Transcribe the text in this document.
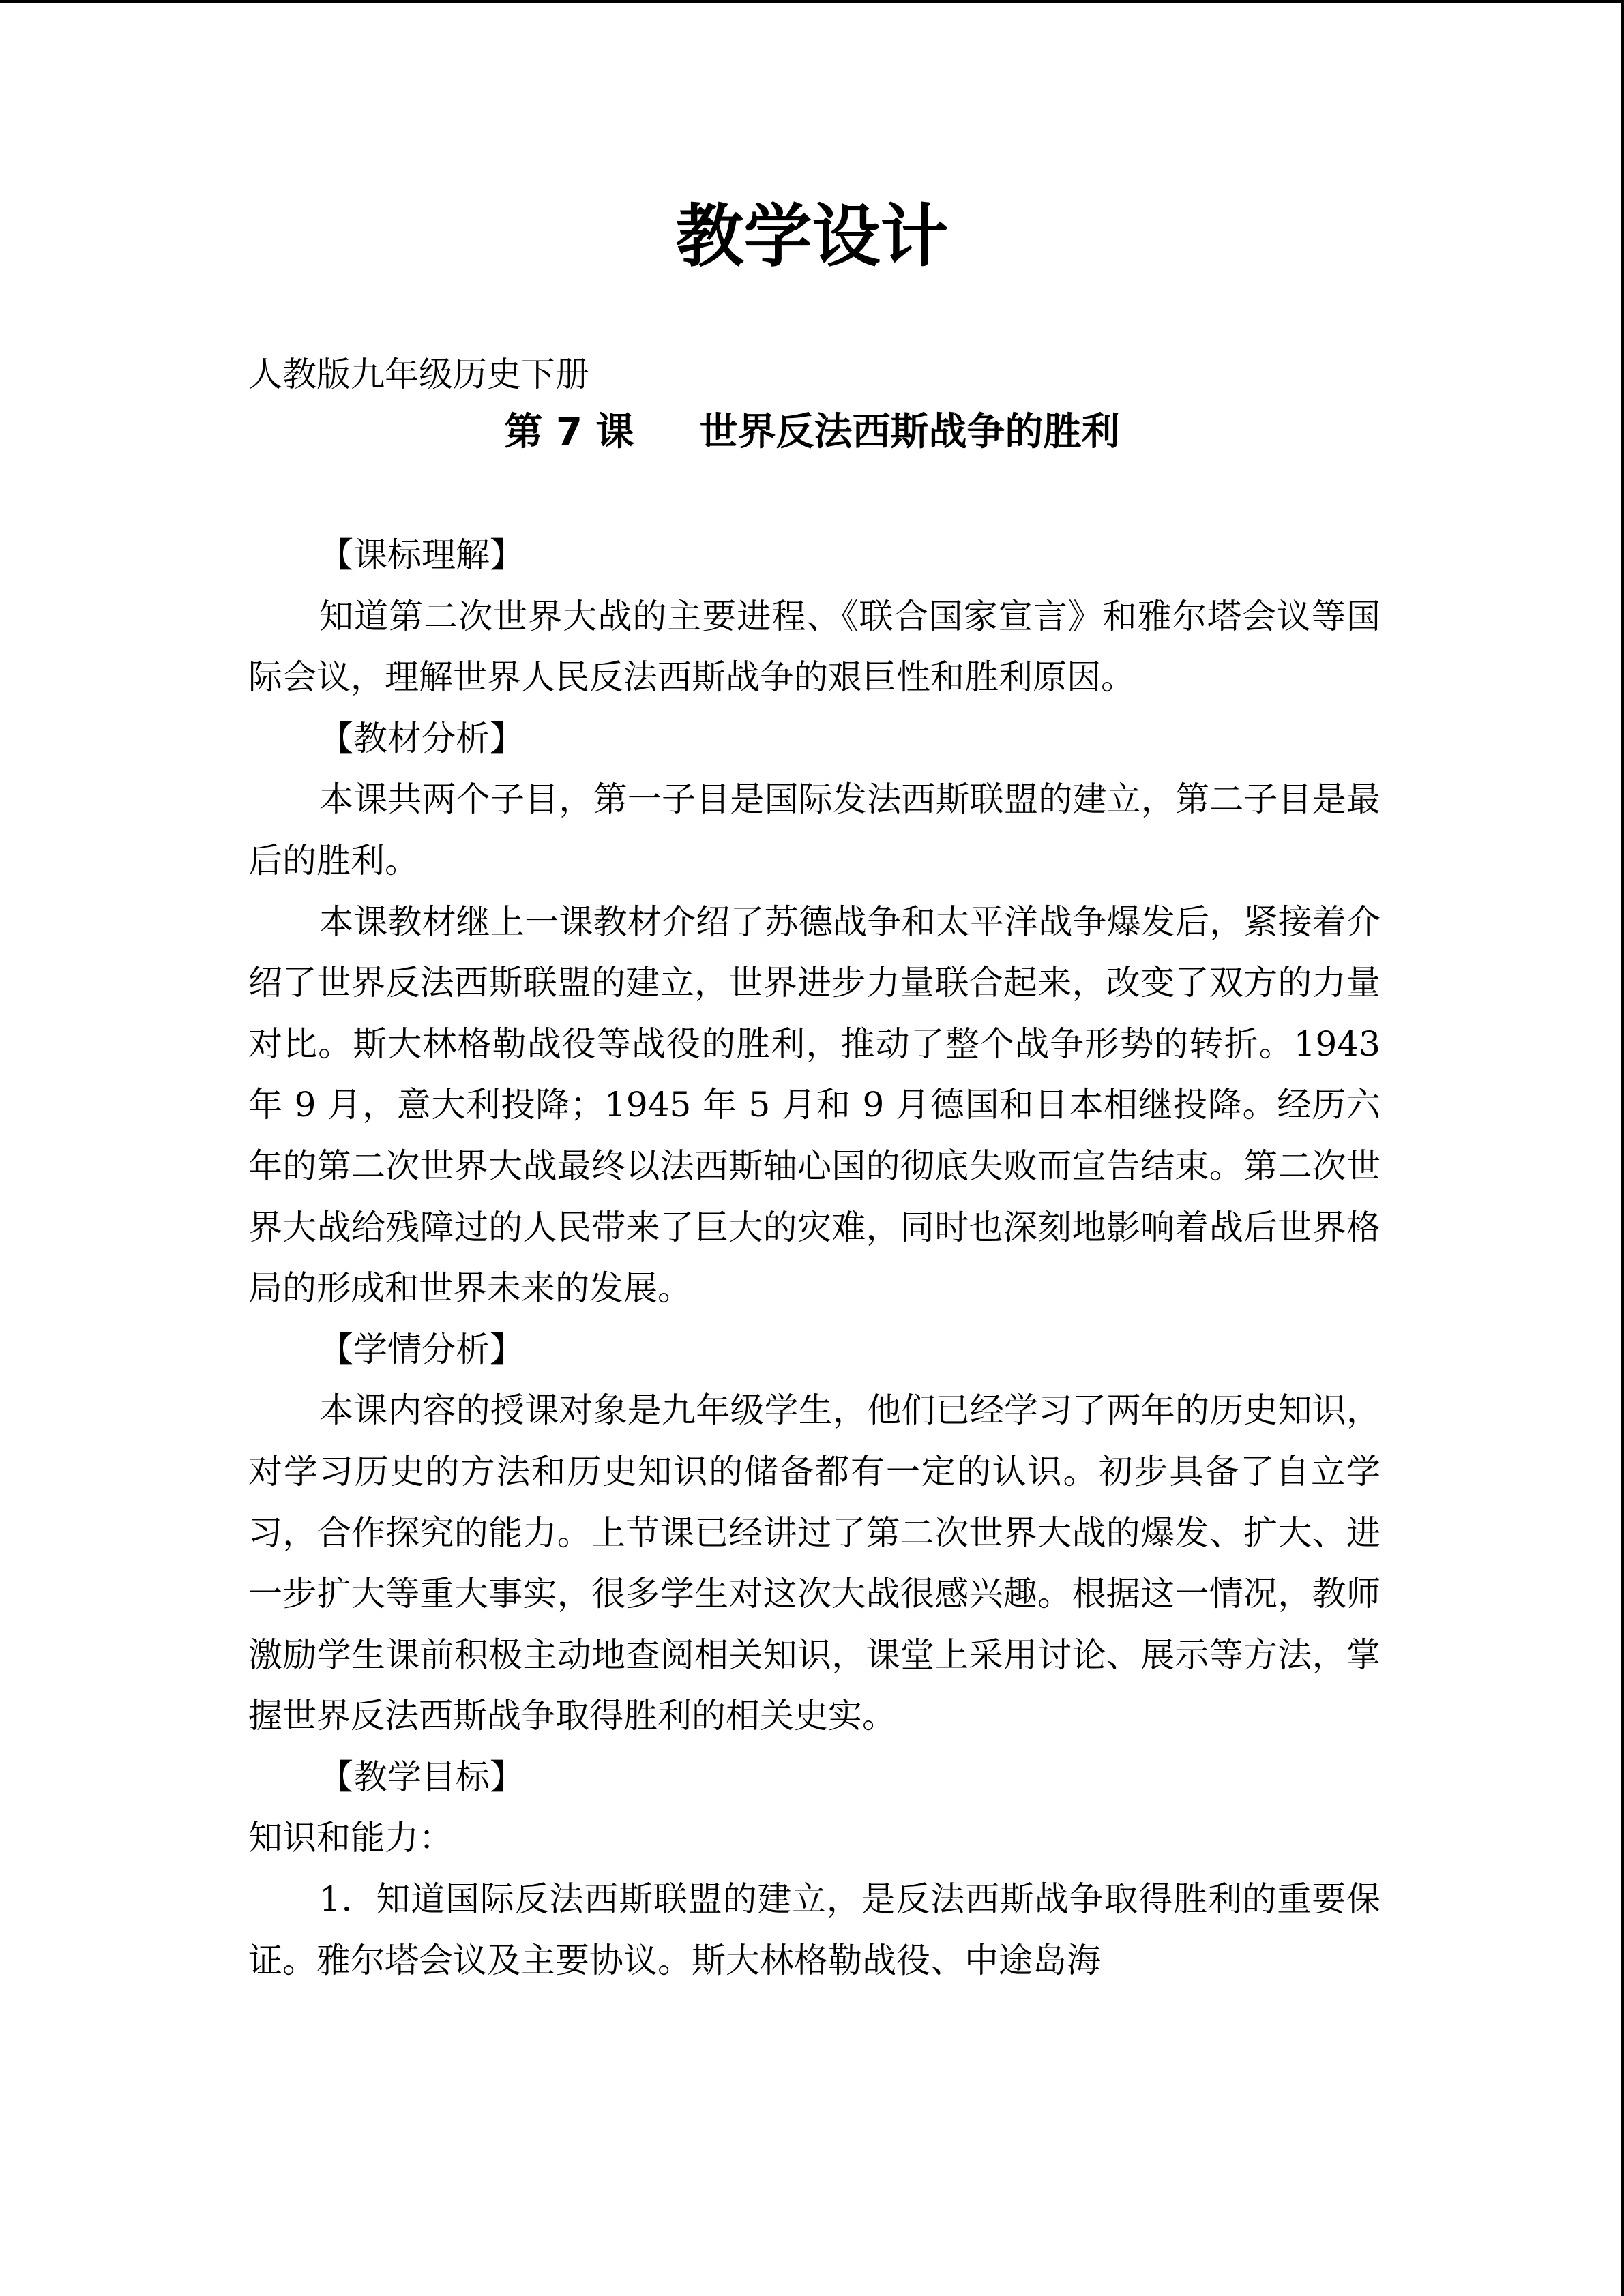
教学设计

人教版九年级历史下册

第 7 课 世界反法西斯战争的胜利

【课标理解】

知道第二次世界大战的主要进程、《联合国家宣言》和雅尔塔会议等国际会议，理解世界人民反法西斯战争的艰巨性和胜利原因。

【教材分析】

本课共两个子目，第一子目是国际发法西斯联盟的建立，第二子目是最后的胜利。

本课教材继上一课教材介绍了苏德战争和太平洋战争爆发后，紧接着介绍了世界反法西斯联盟的建立，世界进步力量联合起来，改变了双方的力量对比。斯大林格勒战役等战役的胜利，推动了整个战争形势的转折。1943 年 9 月，意大利投降；1945 年 5 月和 9 月德国和日本相继投降。经历六年的第二次世界大战最终以法西斯轴心国的彻底失败而宣告结束。第二次世界大战给残障过的人民带来了巨大的灾难，同时也深刻地影响着战后世界格局的形成和世界未来的发展。

【学情分析】

本课内容的授课对象是九年级学生，他们已经学习了两年的历史知识，对学习历史的方法和历史知识的储备都有一定的认识。初步具备了自立学习，合作探究的能力。上节课已经讲过了第二次世界大战的爆发、扩大、进一步扩大等重大事实，很多学生对这次大战很感兴趣。根据这一情况，教师激励学生课前积极主动地查阅相关知识，课堂上采用讨论、展示等方法，掌握世界反法西斯战争取得胜利的相关史实。

【教学目标】

知识和能力：

1．知道国际反法西斯联盟的建立，是反法西斯战争取得胜利的重要保证。雅尔塔会议及主要协议。斯大林格勒战役、中途岛海
